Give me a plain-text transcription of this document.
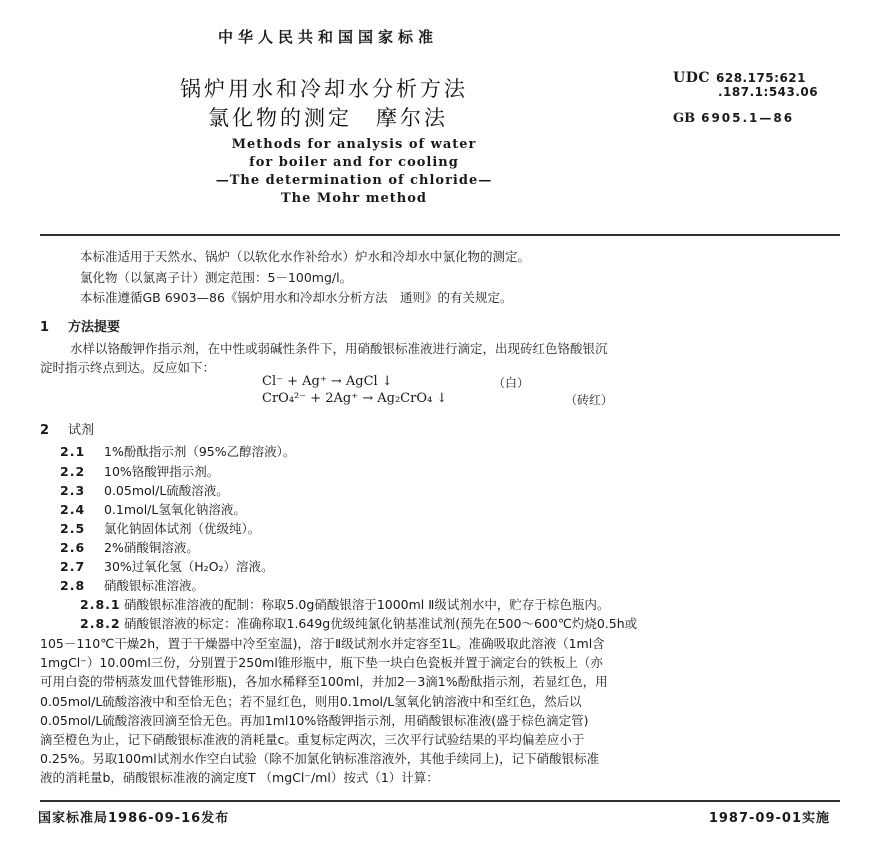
中华人民共和国国家标准
锅炉用水和冷却水分析方法
氯化物的测定　摩尔法
UDC 628.175:621
.187.1:543.06
GB 6905.1—86
Methods for analysis of water
for boiler and for cooling
—The determination of chloride—
The Mohr method
本标准适用于天然水、锅炉（以软化水作补给水）炉水和冷却水中氯化物的测定。
氯化物（以氯离子计）测定范围：5－100mg/l。
本标准遵循GB 6903—86《锅炉用水和冷却水分析方法　通则》的有关规定。
1 方法提要
水样以铬酸钾作指示剂，在中性或弱碱性条件下，用硝酸银标准液进行滴定，出现砖红色铬酸银沉
淀时指示终点到达。反应如下：
Cl⁻ + Ag⁺ → AgCl ↓	（白）
CrO₄²⁻ + 2Ag⁺ → Ag₂CrO₄ ↓	（砖红）
2 试剂
2.1 1%酚酞指示剂（95%乙醇溶液）。
2.2 10%铬酸钾指示剂。
2.3 0.05mol/L硫酸溶液。
2.4 0.1mol/L氢氧化钠溶液。
2.5 氯化钠固体试剂（优级纯）。
2.6 2%硝酸铜溶液。
2.7 30%过氧化氢（H₂O₂）溶液。
2.8 硝酸银标准溶液。
2.8.1 硝酸银标准溶液的配制：称取5.0g硝酸银溶于1000ml Ⅱ级试剂水中，贮存于棕色瓶内。
2.8.2 硝酸银溶液的标定：准确称取1.649g优级纯氯化钠基准试剂(预先在500～600℃灼烧0.5h或
105－110℃干燥2h，置于干燥器中冷至室温)，溶于Ⅱ级试剂水并定容至1L。准确吸取此溶液（1ml含
1mgCl⁻）10.00ml三份，分别置于250ml锥形瓶中，瓶下垫一块白色瓷板并置于滴定台的铁板上（亦
可用白瓷的带柄蒸发皿代替锥形瓶)，各加水稀释至100ml，并加2－3滴1%酚酞指示剂，若显红色，用
0.05mol/L硫酸溶液中和至恰无色；若不显红色，则用0.1mol/L氢氧化钠溶液中和至红色，然后以
0.05mol/L硫酸溶液回滴至恰无色。再加1ml10%铬酸钾指示剂，用硝酸银标准液(盛于棕色滴定管)
滴至橙色为止，记下硝酸银标准液的消耗量c。重复标定两次，三次平行试验结果的平均偏差应小于
0.25%。另取100ml试剂水作空白试验（除不加氯化钠标准溶液外，其他手续同上)，记下硝酸银标准
液的消耗量b，硝酸银标准液的滴定度T （mgCl⁻/ml）按式（1）计算：
国家标准局1986-09-16发布	1987-09-01实施
